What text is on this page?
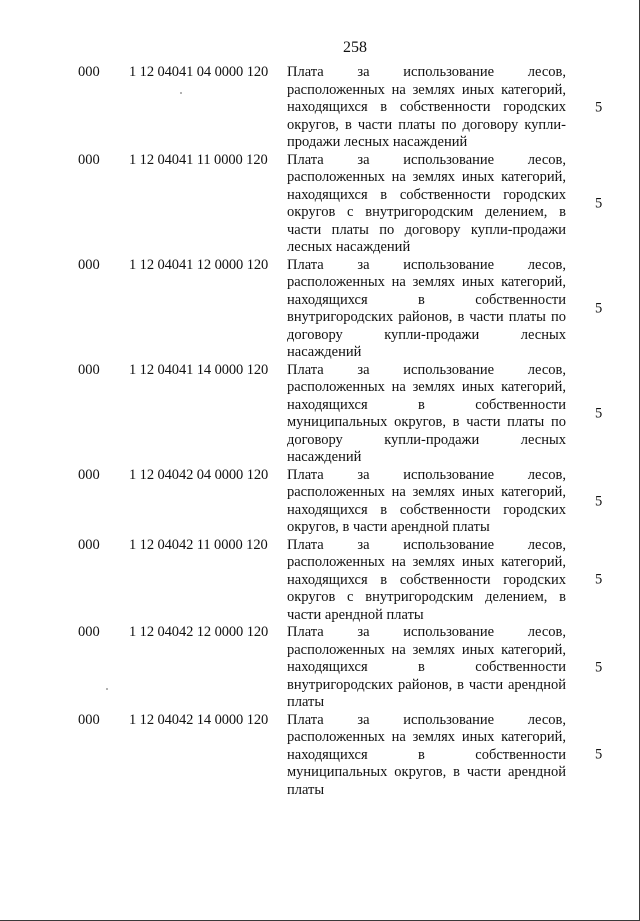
258
000 1 12 04041 04 0000 120 Плата за использование лесов, расположенных на землях иных категорий, находящихся в собственности городских округов, в части платы по договору купли-продажи лесных насаждений
5
000 1 12 04041 11 0000 120 Плата за использование лесов, расположенных на землях иных категорий, находящихся в собственности городских округов с внутригородским делением, в части платы по договору купли-продажи лесных насаждений
5
000 1 12 04041 12 0000 120 Плата за использование лесов, расположенных на землях иных категорий, находящихся в собственности внутригородских районов, в части платы по договору купли-продажи лесных насаждений
5
000 1 12 04041 14 0000 120 Плата за использование лесов, расположенных на землях иных категорий, находящихся в собственности муниципальных округов, в части платы по договору купли-продажи лесных насаждений
5
000 1 12 04042 04 0000 120 Плата за использование лесов, расположенных на землях иных категорий, находящихся в собственности городских округов, в части арендной платы
5
000 1 12 04042 11 0000 120 Плата за использование лесов, расположенных на землях иных категорий, находящихся в собственности городских округов с внутригородским делением, в части арендной платы
5
000 1 12 04042 12 0000 120 Плата за использование лесов, расположенных на землях иных категорий, находящихся в собственности внутригородских районов, в части арендной платы
5
000 1 12 04042 14 0000 120 Плата за использование лесов, расположенных на землях иных категорий, находящихся в собственности муниципальных округов, в части арендной платы
5
